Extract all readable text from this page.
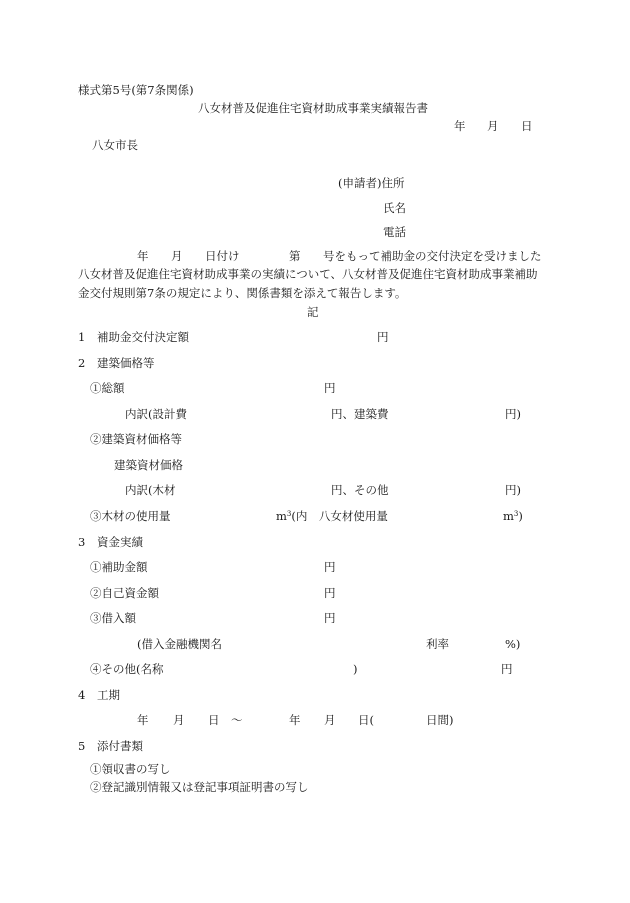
様式第5号(第7条関係)
八女材普及促進住宅資材助成事業実績報告書
年 月 日
八女市長
(申請者)住所
氏名
電話
年 月 日付け	第 号をもって補助金の交付決定を受けました
八女材普及促進住宅資材助成事業の実績について、八女材普及促進住宅資材助成事業補助
金交付規則第7条の規定により、関係書類を添えて報告します。
記
1 補助金交付決定額	円
2 建築価格等
①総額	円
内訳(設計費	円、建築費	円)
②建築資材価格等
建築資材価格
内訳(木材	円、その他	円)
③木材の使用量	$m^3$(内　八女材使用量	$m^3$)
3 資金実績
①補助金額	円
②自己資金額	円
③借入額	円
(借入金融機関名	利率	%)
④その他(名称	)	円
4 工期
年 月 日 ～	年 月 日(	日間)
5 添付書類
①領収書の写し
②登記識別情報又は登記事項証明書の写し
